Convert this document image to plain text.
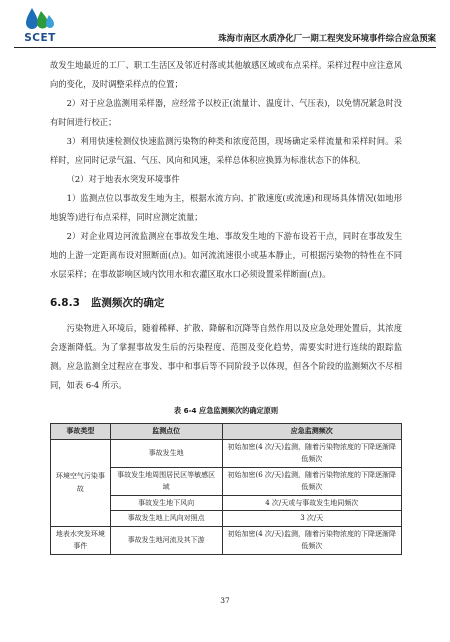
SCET	珠海市南区水质净化厂一期工程突发环境事件综合应急预案

故发生地最近的工厂、职工生活区及邻近村落或其他敏感区域或布点采样。采样过程中应注意风向的变化，及时调整采样点的位置；

2）对于应急监测用采样器，应经常予以校正(流量计、温度计、气压表)，以免情况紧急时没有时间进行校正；

3）利用快速检测仪快速监测污染物的种类和浓度范围，现场确定采样流量和采样时间。采样时，应同时记录气温、气压、风向和风速，采样总体积应换算为标准状态下的体积。

（2）对于地表水突发环境事件

1）监测点位以事故发生地为主，根据水流方向、扩散速度(或流速)和现场具体情况(如地形地貌等)进行布点采样，同时应测定流量；

2）对企业周边河流监测应在事故发生地、事故发生地的下游布设若干点，同时在事故发生地的上游一定距离布设对照断面(点)。如河流流速很小或基本静止，可根据污染物的特性在不同水层采样；在事故影响区域内饮用水和农灌区取水口必须设置采样断面(点)。

6.8.3 监测频次的确定

污染物进入环境后，随着稀释、扩散、降解和沉降等自然作用以及应急处理处置后，其浓度会逐渐降低。为了掌握事故发生后的污染程度、范围及变化趋势，需要实时进行连续的跟踪监测。应急监测全过程应在事发、事中和事后等不同阶段予以体现，但各个阶段的监测频次不尽相同，如表 6-4 所示。

表 6-4 应急监测频次的确定原则
事故类型	监测点位	应急监测频次
环境空气污染事故	事故发生地	初始加密(4 次/天)监测，随着污染物浓度的下降逐渐降低频次
	事故发生地周围居民区等敏感区域	初始加密(6 次/天)监测，随着污染物浓度的下降逐渐降低频次
	事故发生地下风向	4 次/天或与事故发生地同频次
	事故发生地上风向对照点	3 次/天
地表水突发环境事件	事故发生地河流及其下游	初始加密(4 次/天)监测，随着污染物浓度的下降逐渐降低频次
37
